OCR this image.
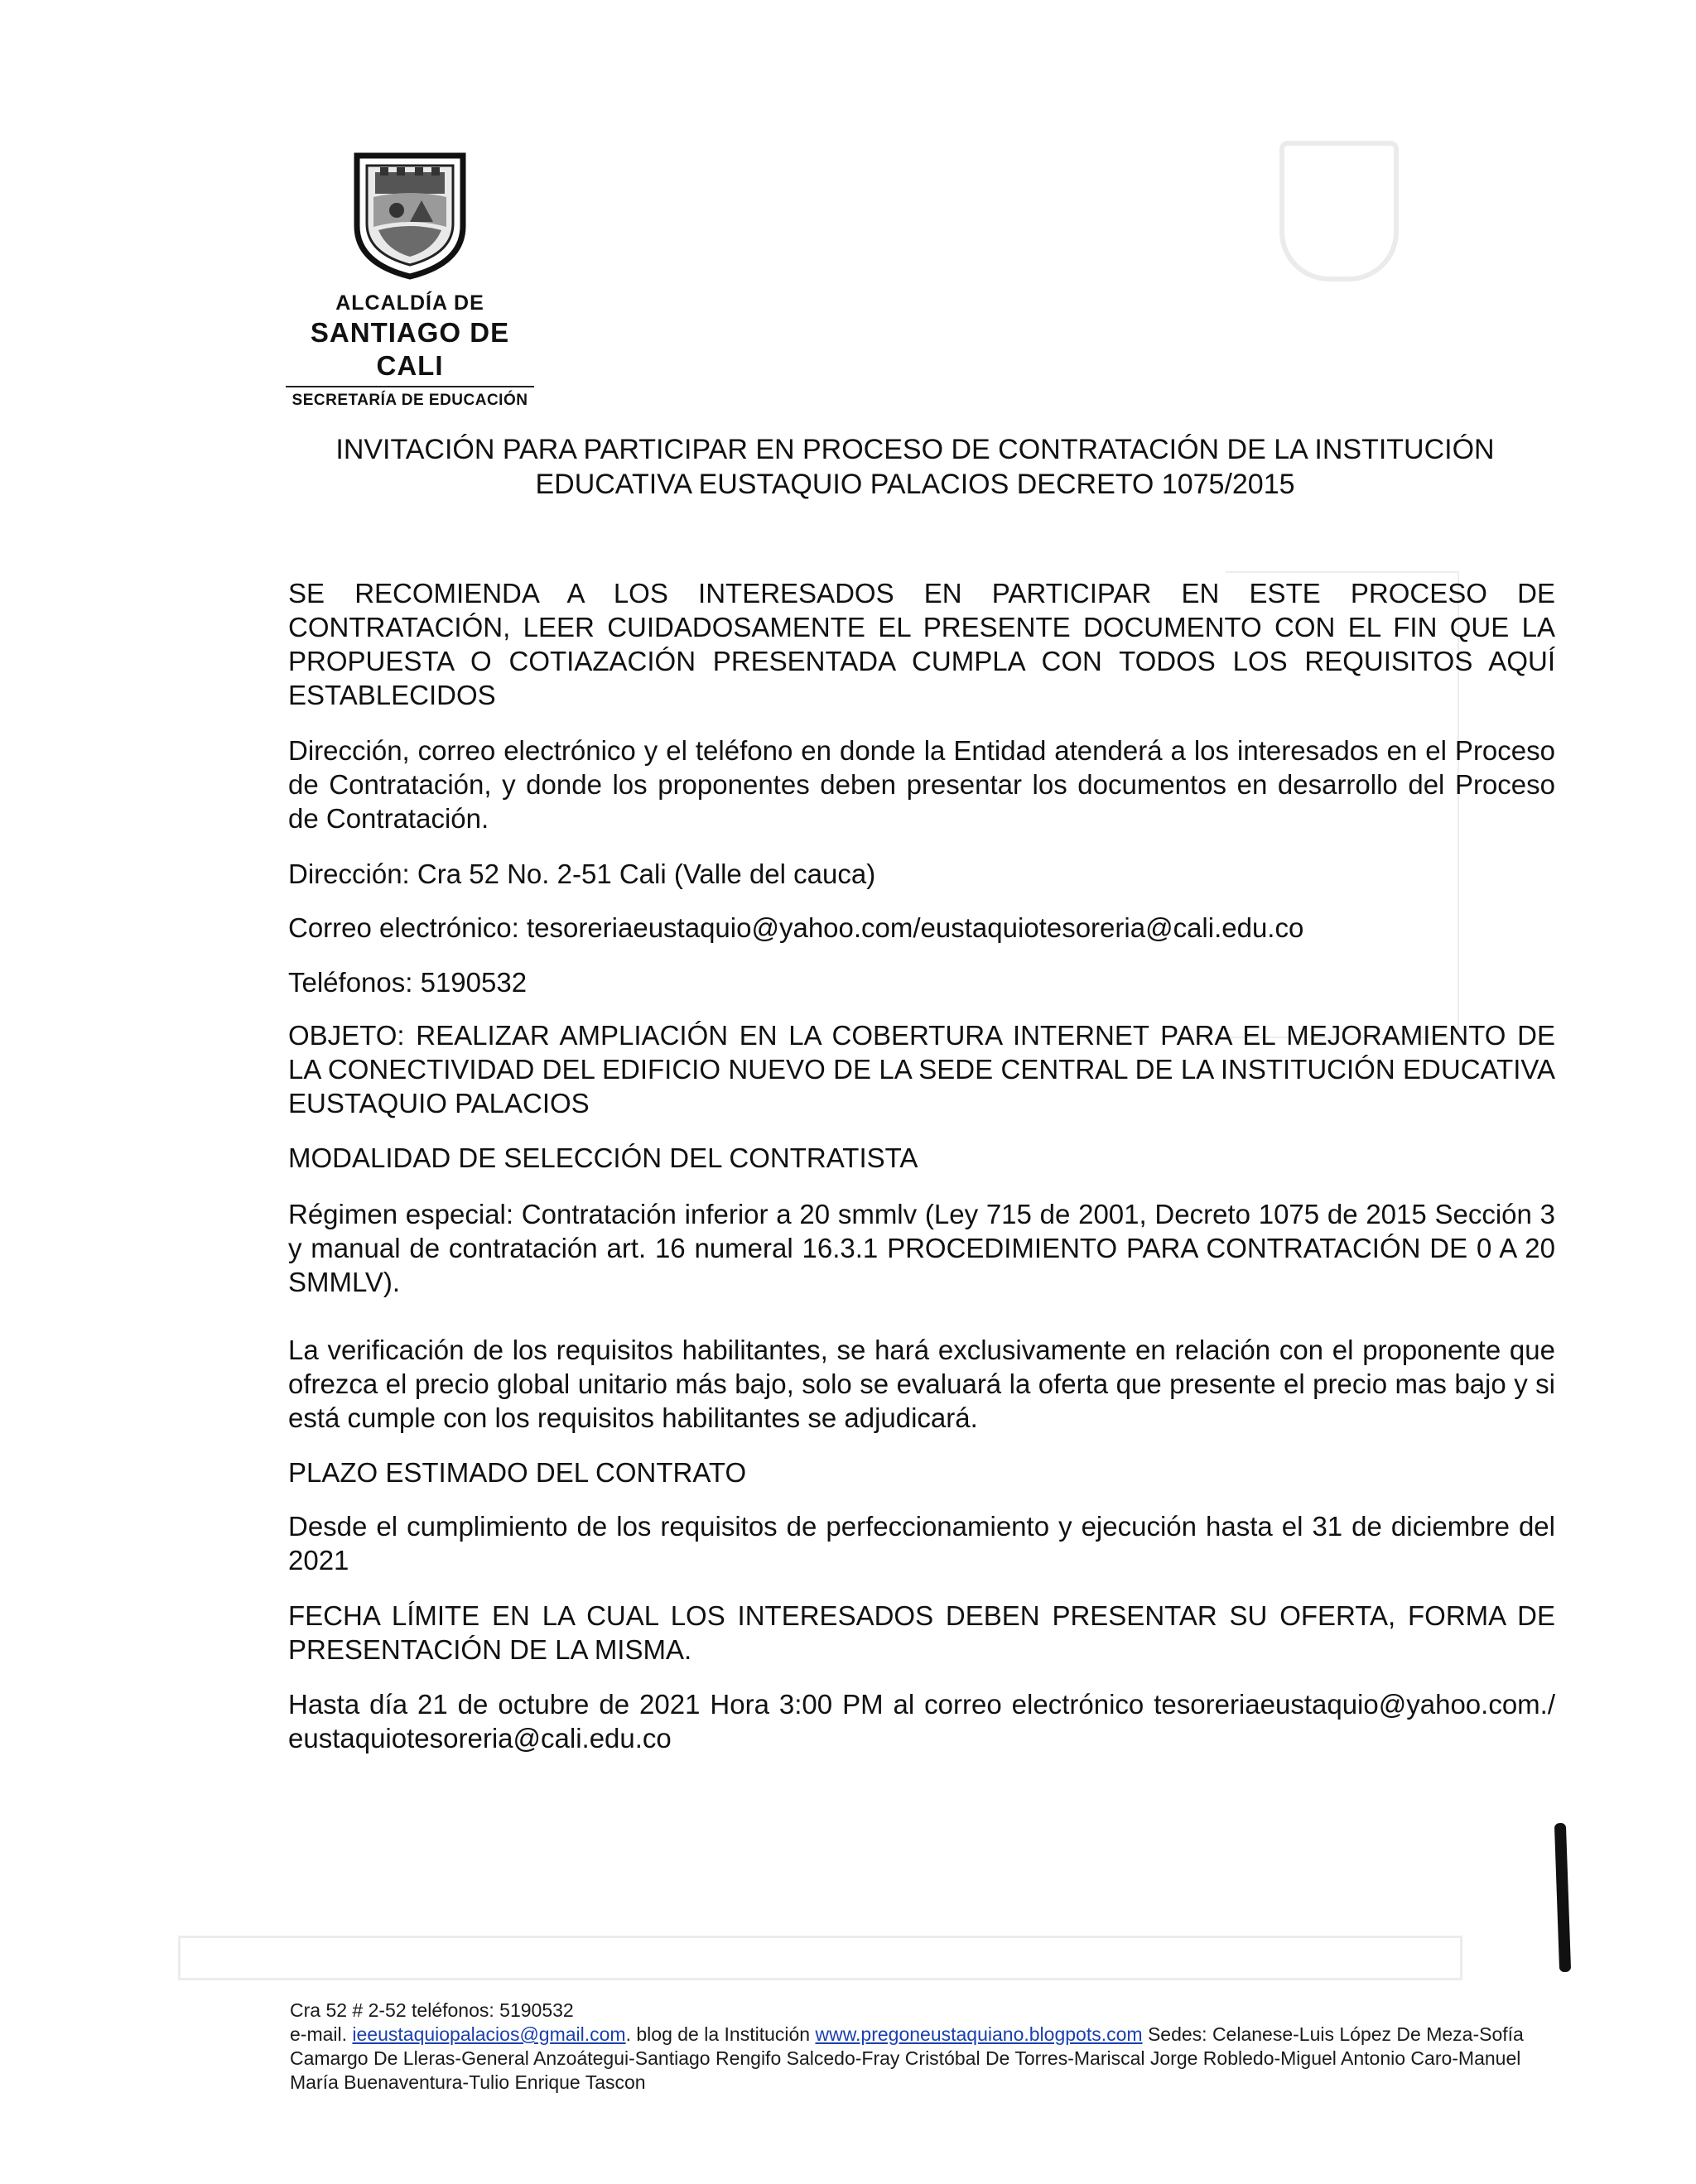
ALCALDÍA DE
SANTIAGO DE CALI
SECRETARÍA DE EDUCACIÓN
INVITACIÓN PARA PARTICIPAR EN PROCESO DE CONTRATACIÓN DE LA INSTITUCIÓN
EDUCATIVA EUSTAQUIO PALACIOS DECRETO 1075/2015

SE RECOMIENDA A LOS INTERESADOS EN PARTICIPAR EN ESTE PROCESO DE CONTRATACIÓN, LEER CUIDADOSAMENTE EL PRESENTE DOCUMENTO CON EL FIN QUE LA PROPUESTA O COTIAZACIÓN PRESENTADA CUMPLA CON TODOS LOS REQUISITOS AQUÍ ESTABLECIDOS

Dirección, correo electrónico y el teléfono en donde la Entidad atenderá a los interesados en el Proceso de Contratación, y donde los proponentes deben presentar los documentos en desarrollo del Proceso de Contratación.

Dirección: Cra 52 No. 2-51 Cali (Valle del cauca)

Correo electrónico: tesoreriaeustaquio@yahoo.com/eustaquiotesoreria@cali.edu.co

Teléfonos: 5190532

OBJETO: REALIZAR AMPLIACIÓN EN LA COBERTURA INTERNET PARA EL MEJORAMIENTO DE LA CONECTIVIDAD DEL EDIFICIO NUEVO DE LA SEDE CENTRAL DE LA INSTITUCIÓN EDUCATIVA EUSTAQUIO PALACIOS

MODALIDAD DE SELECCIÓN DEL CONTRATISTA

Régimen especial: Contratación inferior a 20 smmlv (Ley 715 de 2001, Decreto 1075 de 2015 Sección 3 y manual de contratación art. 16 numeral 16.3.1 PROCEDIMIENTO PARA CONTRATACIÓN DE 0 A 20 SMMLV).

La verificación de los requisitos habilitantes, se hará exclusivamente en relación con el proponente que ofrezca el precio global unitario más bajo, solo se evaluará la oferta que presente el precio mas bajo y si está cumple con los requisitos habilitantes se adjudicará.

PLAZO ESTIMADO DEL CONTRATO

Desde el cumplimiento de los requisitos de perfeccionamiento y ejecución hasta el 31 de diciembre del 2021

FECHA LÍMITE EN LA CUAL LOS INTERESADOS DEBEN PRESENTAR SU OFERTA, FORMA DE PRESENTACIÓN DE LA MISMA.

Hasta día 21 de octubre de 2021 Hora 3:00 PM al correo electrónico tesoreriaeustaquio@yahoo.com./ eustaquiotesoreria@cali.edu.co

Cra 52 # 2-52 teléfonos: 5190532
e-mail. ieeustaquiopalacios@gmail.com. blog de la Institución www.pregoneustaquiano.blogpots.com Sedes: Celanese-Luis López De Meza-Sofía Camargo De Lleras-General Anzoátegui-Santiago Rengifo Salcedo-Fray Cristóbal De Torres-Mariscal Jorge Robledo-Miguel Antonio Caro-Manuel María Buenaventura-Tulio Enrique Tascon
